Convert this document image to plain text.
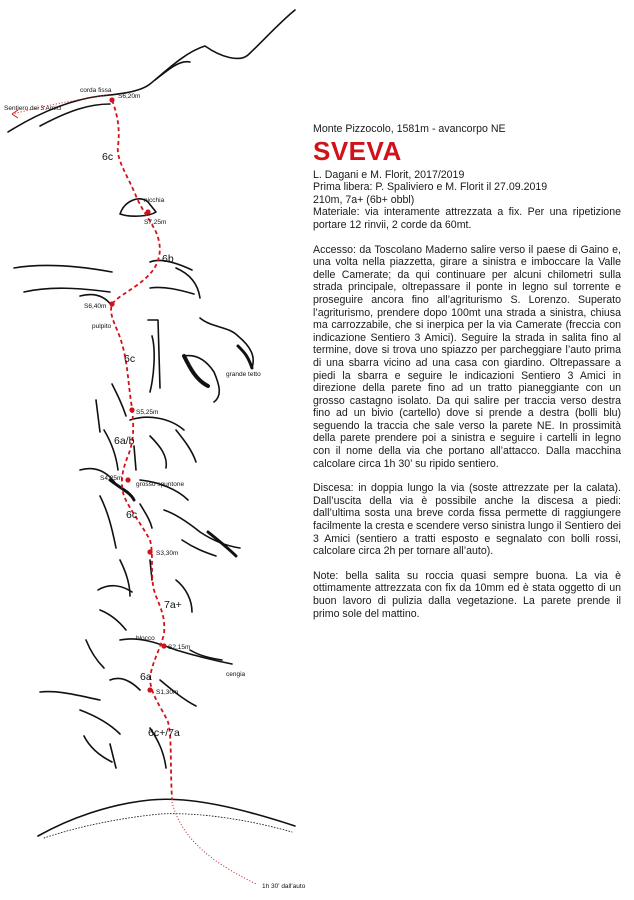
6c
6b
6c
6a/b
6c
7a+
6a
6c+/7a
S6,20m
S7,25m
S6,40m
S5,25m
S4,25m
S3,30m
S2,15m
S1,30m
corda fissa
Sentiero dei 3 Amici
nicchia
pulpito
grande tetto
grosso spuntone
blocco
cengia
1h 30' dall'auto

Monte Pizzocolo, 1581m - avancorpo NE

SVEVA

L. Dagani e M. Florit, 2017/2019

Prima libera: P. Spaliviero e M. Florit il 27.09.2019

210m, 7a+ (6b+ obbl)

Materiale: via interamente attrezzata a fix. Per una ripetizione portare 12 rinvii, 2 corde da 60mt.

Accesso: da Toscolano Maderno salire verso il paese di Gaino e, una volta nella piazzetta, girare a sinistra e imboccare la Valle delle Camerate; da qui continuare per alcuni chilometri sulla strada principale, oltrepassare il ponte in legno sul torrente e proseguire ancora fino all’agriturismo S. Lorenzo. Superato l’agriturismo, prendere dopo 100mt una strada a sinistra, chiusa ma carrozzabile, che si inerpica per la via Camerate (freccia con indicazione Sentiero 3 Amici). Seguire la strada in salita fino al termine, dove si trova uno spiazzo per parcheggiare l’auto prima di una sbarra vicino ad una casa con giardino. Oltrepassare a piedi la sbarra e seguire le indicazioni Sentiero 3 Amici in direzione della parete fino ad un tratto pianeggiante con un grosso castagno isolato. Da qui salire per traccia verso destra fino ad un bivio (cartello) dove si prende a destra (bolli blu) seguendo la traccia che sale verso la parete NE. In prossimità della parete prendere poi a sinistra e seguire i cartelli in legno con il nome della via che portano all’attacco. Dalla macchina calcolare circa 1h 30’ su ripido sentiero.

Discesa: in doppia lungo la via (soste attrezzate per la calata). Dall’uscita della via è possibile anche la discesa a piedi: dall’ultima sosta una breve corda fissa permette di raggiungere facilmente la cresta e scendere verso sinistra lungo il Sentiero dei 3 Amici (sentiero a tratti esposto e segnalato con bolli rossi, calcolare circa 2h per tornare all’auto).

Note: bella salita su roccia quasi sempre buona. La via è ottimamente attrezzata con fix da 10mm ed è stata oggetto di un buon lavoro di pulizia dalla vegetazione. La parete prende il primo sole del mattino.
